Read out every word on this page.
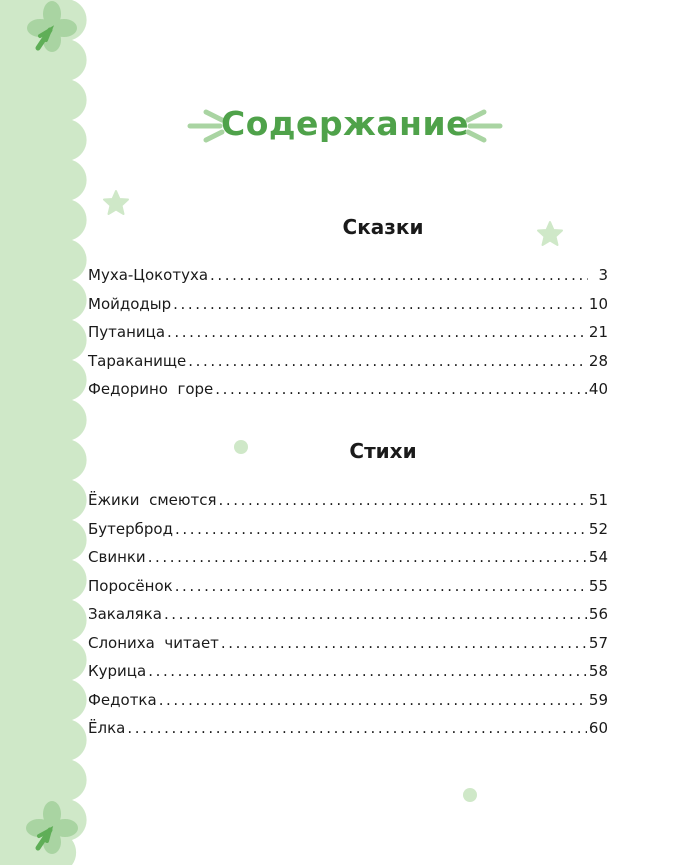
Содержание
Сказки
Муха-Цокотуха .....	3
Мойдодыр .....	10
Путаница .....	21
Тараканище .....	28
Федорино  горе .....	40
Стихи
Ёжики  смеются .....	51
Бутерброд .....	52
Свинки .....	54
Поросёнок .....	55
Закаляка .....	56
Слониха  читает .....	57
Курица .....	58
Федотка .....	59
Ёлка .....	60
